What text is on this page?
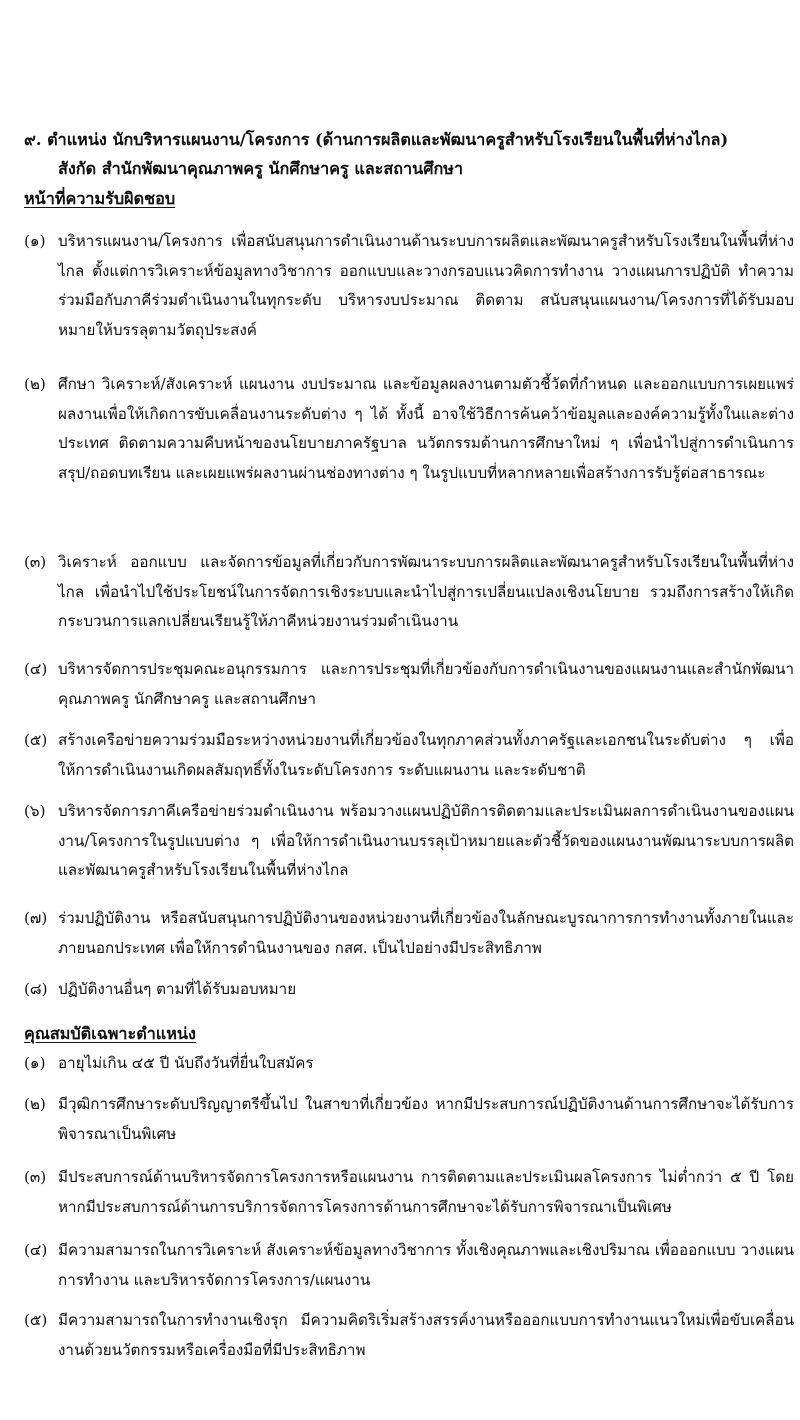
๙. ตำแหน่ง นักบริหารแผนงาน/โครงการ (ด้านการผลิตและพัฒนาครูสำหรับโรงเรียนในพื้นที่ห่างไกล)
สังกัด สำนักพัฒนาคุณภาพครู นักศึกษาครู และสถานศึกษา
หน้าที่ความรับผิดชอบ
(๑) บริหารแผนงาน/โครงการ เพื่อสนับสนุนการดำเนินงานด้านระบบการผลิตและพัฒนาครูสำหรับโรงเรียนในพื้นที่ห่างไกล ตั้งแต่การวิเคราะห์ข้อมูลทางวิชาการ ออกแบบและวางกรอบแนวคิดการทำงาน วางแผนการปฏิบัติ ทำความร่วมมือกับภาคีร่วมดำเนินงานในทุกระดับ บริหารงบประมาณ ติดตาม สนับสนุนแผนงาน/โครงการที่ได้รับมอบหมายให้บรรลุตามวัตถุประสงค์
(๒) ศึกษา วิเคราะห์/สังเคราะห์ แผนงาน งบประมาณ และข้อมูลผลงานตามตัวชี้วัดที่กำหนด และออกแบบการเผยแพร่ผลงานเพื่อให้เกิดการขับเคลื่อนงานระดับต่าง ๆ ได้ ทั้งนี้ อาจใช้วิธีการค้นคว้าข้อมูลและองค์ความรู้ทั้งในและต่างประเทศ ติดตามความคืบหน้าของนโยบายภาครัฐบาล นวัตกรรมด้านการศึกษาใหม่ ๆ เพื่อนำไปสู่การดำเนินการสรุป/ถอดบทเรียน และเผยแพร่ผลงานผ่านช่องทางต่าง ๆ ในรูปแบบที่หลากหลายเพื่อสร้างการรับรู้ต่อสาธารณะ
(๓) วิเคราะห์ ออกแบบ และจัดการข้อมูลที่เกี่ยวกับการพัฒนาระบบการผลิตและพัฒนาครูสำหรับโรงเรียนในพื้นที่ห่างไกล เพื่อนำไปใช้ประโยชน์ในการจัดการเชิงระบบและนำไปสู่การเปลี่ยนแปลงเชิงนโยบาย รวมถึงการสร้างให้เกิดกระบวนการแลกเปลี่ยนเรียนรู้ให้ภาคีหน่วยงานร่วมดำเนินงาน
(๔) บริหารจัดการประชุมคณะอนุกรรมการ และการประชุมที่เกี่ยวข้องกับการดำเนินงานของแผนงานและสำนักพัฒนาคุณภาพครู นักศึกษาครู และสถานศึกษา
(๕) สร้างเครือข่ายความร่วมมือระหว่างหน่วยงานที่เกี่ยวข้องในทุกภาคส่วนทั้งภาครัฐและเอกชนในระดับต่าง ๆ เพื่อให้การดำเนินงานเกิดผลสัมฤทธิ์ทั้งในระดับโครงการ ระดับแผนงาน และระดับชาติ
(๖) บริหารจัดการภาคีเครือข่ายร่วมดำเนินงาน พร้อมวางแผนปฏิบัติการติดตามและประเมินผลการดำเนินงานของแผนงาน/โครงการในรูปแบบต่าง ๆ เพื่อให้การดำเนินงานบรรลุเป้าหมายและตัวชี้วัดของแผนงานพัฒนาระบบการผลิตและพัฒนาครูสำหรับโรงเรียนในพื้นที่ห่างไกล
(๗) ร่วมปฏิบัติงาน หรือสนับสนุนการปฏิบัติงานของหน่วยงานที่เกี่ยวข้องในลักษณะบูรณาการการทำงานทั้งภายในและภายนอกประเทศ เพื่อให้การดำนินงานของ กสศ. เป็นไปอย่างมีประสิทธิภาพ
(๘) ปฏิบัติงานอื่นๆ ตามที่ได้รับมอบหมาย
คุณสมบัติเฉพาะตำแหน่ง
(๑) อายุไม่เกิน ๔๕ ปี นับถึงวันที่ยื่นใบสมัคร
(๒) มีวุฒิการศึกษาระดับปริญญาตรีขึ้นไป ในสาขาที่เกี่ยวข้อง หากมีประสบการณ์ปฏิบัติงานด้านการศึกษาจะได้รับการพิจารณาเป็นพิเศษ
(๓) มีประสบการณ์ด้านบริหารจัดการโครงการหรือแผนงาน การติดตามและประเมินผลโครงการ ไม่ต่ำกว่า ๕ ปี โดยหากมีประสบการณ์ด้านการบริการจัดการโครงการด้านการศึกษาจะได้รับการพิจารณาเป็นพิเศษ
(๔) มีความสามารถในการวิเคราะห์ สังเคราะห์ข้อมูลทางวิชาการ ทั้งเชิงคุณภาพและเชิงปริมาณ เพื่อออกแบบ วางแผนการทำงาน และบริหารจัดการโครงการ/แผนงาน
(๕) มีความสามารถในการทำงานเชิงรุก มีความคิดริเริ่มสร้างสรรค์งานหรือออกแบบการทำงานแนวใหม่เพื่อขับเคลื่อนงานด้วยนวัตกรรมหรือเครื่องมือที่มีประสิทธิภาพ
